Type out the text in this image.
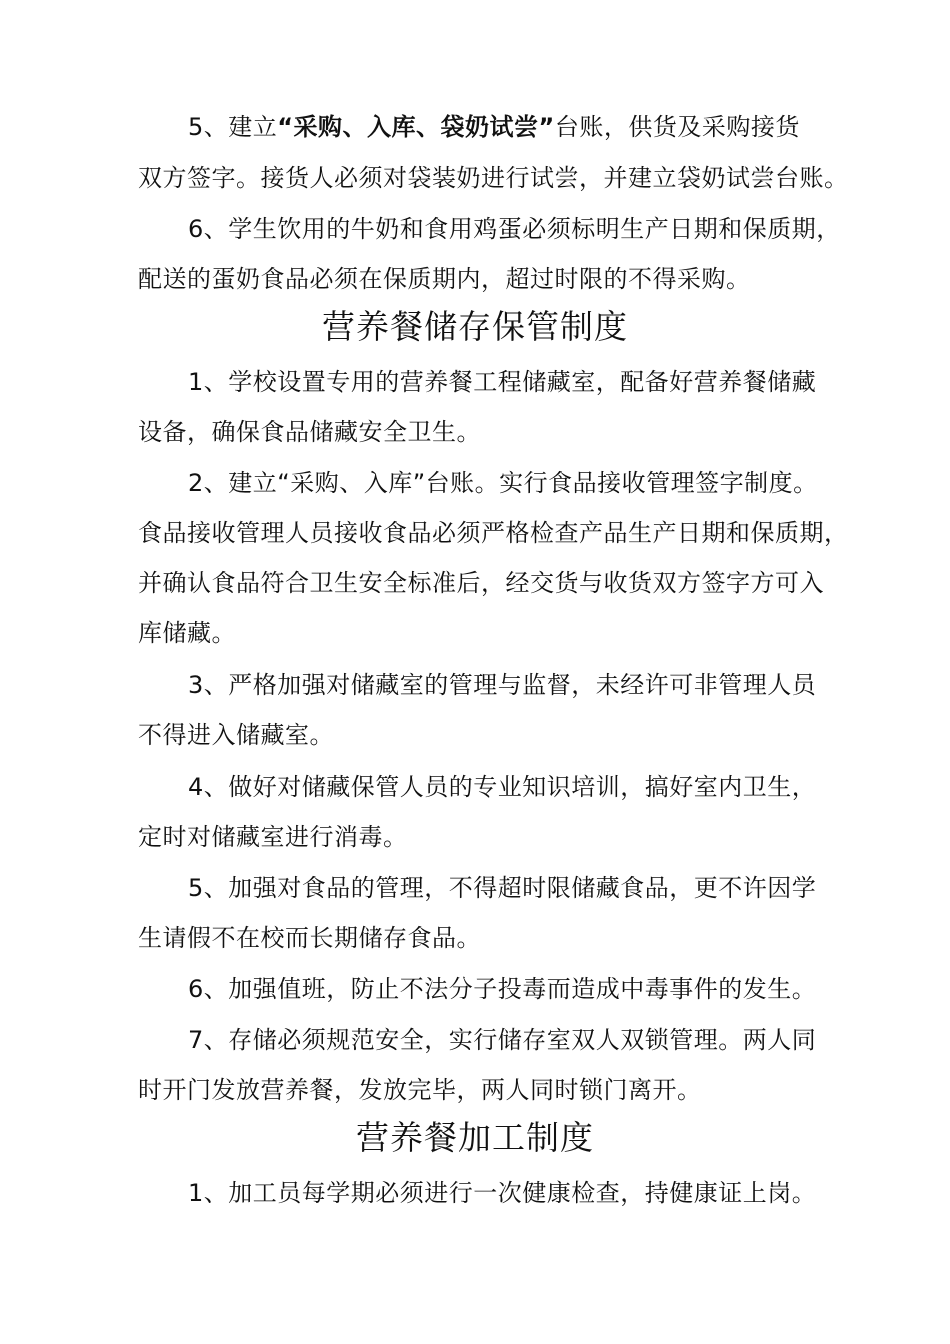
5、建立“采购、入库、袋奶试尝”台账，供货及采购接货
双方签字。接货人必须对袋装奶进行试尝，并建立袋奶试尝台账。
6、学生饮用的牛奶和食用鸡蛋必须标明生产日期和保质期，
配送的蛋奶食品必须在保质期内，超过时限的不得采购。
营养餐储存保管制度
1、学校设置专用的营养餐工程储藏室，配备好营养餐储藏
设备，确保食品储藏安全卫生。
2、建立“采购、入库”台账。实行食品接收管理签字制度。
食品接收管理人员接收食品必须严格检查产品生产日期和保质期，
并确认食品符合卫生安全标准后，经交货与收货双方签字方可入
库储藏。
3、严格加强对储藏室的管理与监督，未经许可非管理人员
不得进入储藏室。
4、做好对储藏保管人员的专业知识培训，搞好室内卫生，
定时对储藏室进行消毒。
5、加强对食品的管理，不得超时限储藏食品，更不许因学
生请假不在校而长期储存食品。
6、加强值班，防止不法分子投毒而造成中毒事件的发生。
7、存储必须规范安全，实行储存室双人双锁管理。两人同
时开门发放营养餐，发放完毕，两人同时锁门离开。
营养餐加工制度
1、加工员每学期必须进行一次健康检查，持健康证上岗。
